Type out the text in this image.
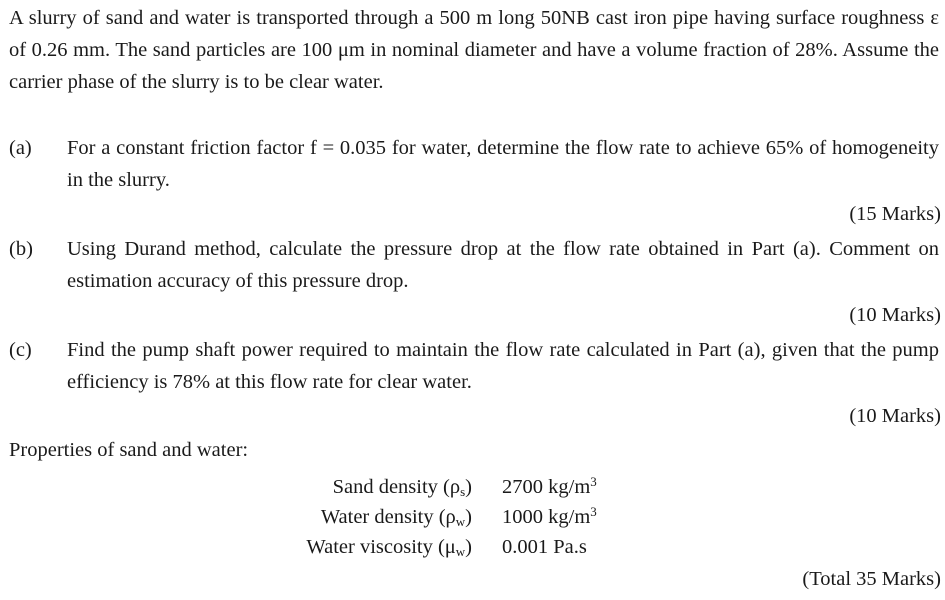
A slurry of sand and water is transported through a 500 m long 50NB cast iron pipe having surface roughness ε of 0.26 mm. The sand particles are 100 μm in nominal diameter and have a volume fraction of 28%. Assume the carrier phase of the slurry is to be clear water.
(a)	For a constant friction factor f = 0.035 for water, determine the flow rate to achieve 65% of homogeneity in the slurry.
(15 Marks)
(b)	Using Durand method, calculate the pressure drop at the flow rate obtained in Part (a). Comment on estimation accuracy of this pressure drop.
(10 Marks)
(c)	Find the pump shaft power required to maintain the flow rate calculated in Part (a), given that the pump efficiency is 78% at this flow rate for clear water.
(10 Marks)
Properties of sand and water:
Sand density $(\rho_s)$	2700 $kg/m^3$
Water density $(\rho_w)$	1000 $kg/m^3$
Water viscosity $(\mu_w)$	0.001 Pa.s
(Total 35 Marks)
